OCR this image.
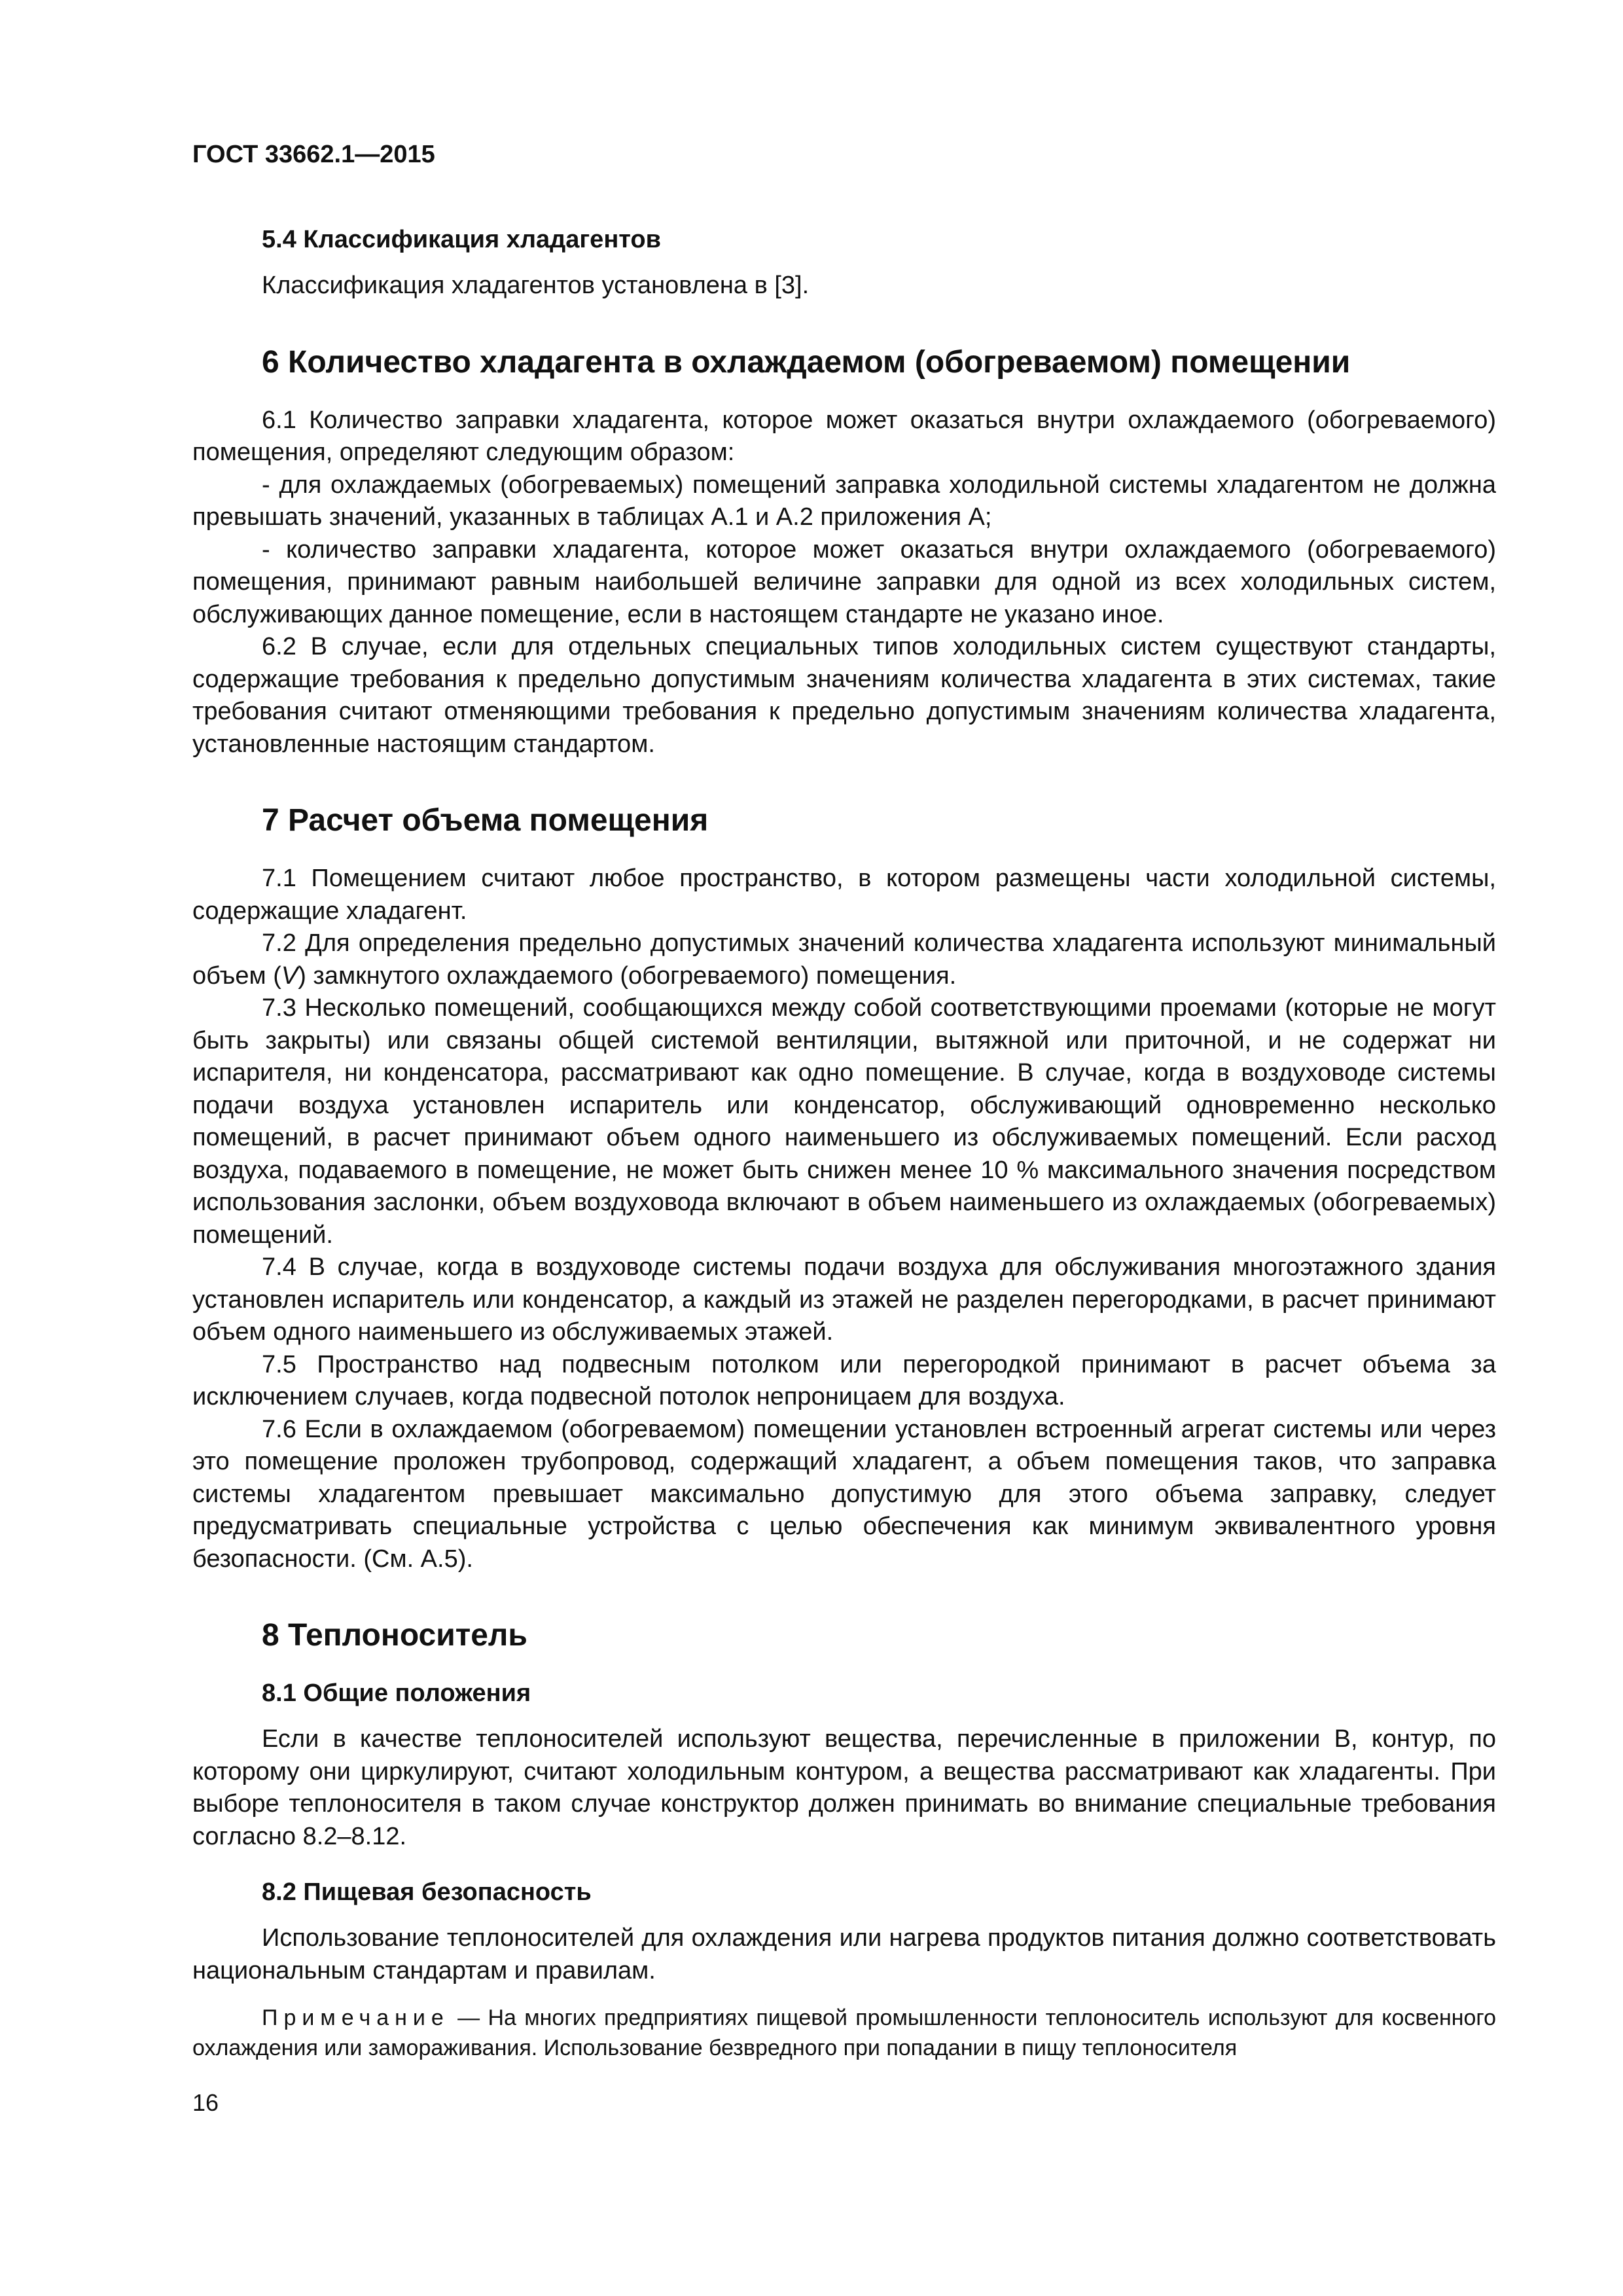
ГОСТ 33662.1—2015
5.4 Классификация хладагентов

Классификация хладагентов установлена в [3].

6 Количество хладагента в охлаждаемом (обогреваемом) помещении

6.1 Количество заправки хладагента, которое может оказаться внутри охлаждаемого (обогреваемого) помещения, определяют следующим образом:

- для охлаждаемых (обогреваемых) помещений заправка холодильной системы хладагентом не должна превышать значений, указанных в таблицах А.1 и А.2 приложения А;

- количество заправки хладагента, которое может оказаться внутри охлаждаемого (обогреваемого) помещения, принимают равным наибольшей величине заправки для одной из всех холодильных систем, обслуживающих данное помещение, если в настоящем стандарте не указано иное.

6.2 В случае, если для отдельных специальных типов холодильных систем существуют стандарты, содержащие требования к предельно допустимым значениям количества хладагента в этих системах, такие требования считают отменяющими требования к предельно допустимым значениям количества хладагента, установленные настоящим стандартом.

7 Расчет объема помещения

7.1 Помещением считают любое пространство, в котором размещены части холодильной системы, содержащие хладагент.

7.2 Для определения предельно допустимых значений количества хладагента используют минимальный объем (V) замкнутого охлаждаемого (обогреваемого) помещения.

7.3 Несколько помещений, сообщающихся между собой соответствующими проемами (которые не могут быть закрыты) или связаны общей системой вентиляции, вытяжной или приточной, и не содержат ни испарителя, ни конденсатора, рассматривают как одно помещение. В случае, когда в воздуховоде системы подачи воздуха установлен испаритель или конденсатор, обслуживающий одновременно несколько помещений, в расчет принимают объем одного наименьшего из обслуживаемых помещений. Если расход воздуха, подаваемого в помещение, не может быть снижен менее 10 % максимального значения посредством использования заслонки, объем воздуховода включают в объем наименьшего из охлаждаемых (обогреваемых) помещений.

7.4 В случае, когда в воздуховоде системы подачи воздуха для обслуживания многоэтажного здания установлен испаритель или конденсатор, а каждый из этажей не разделен перегородками, в расчет принимают объем одного наименьшего из обслуживаемых этажей.

7.5 Пространство над подвесным потолком или перегородкой принимают в расчет объема за исключением случаев, когда подвесной потолок непроницаем для воздуха.

7.6 Если в охлаждаемом (обогреваемом) помещении установлен встроенный агрегат системы или через это помещение проложен трубопровод, содержащий хладагент, а объем помещения таков, что заправка системы хладагентом превышает максимально допустимую для этого объема заправку, следует предусматривать специальные устройства с целью обеспечения как минимум эквивалентного уровня безопасности. (См. А.5).

8 Теплоноситель
8.1 Общие положения

Если в качестве теплоносителей используют вещества, перечисленные в приложении В, контур, по которому они циркулируют, считают холодильным контуром, а вещества рассматривают как хладагенты. При выборе теплоносителя в таком случае конструктор должен принимать во внимание специальные требования согласно 8.2–8.12.

8.2 Пищевая безопасность

Использование теплоносителей для охлаждения или нагрева продуктов питания должно соответствовать национальным стандартам и правилам.

Примечание — На многих предприятиях пищевой промышленности теплоноситель используют для косвенного охлаждения или замораживания. Использование безвредного при попадании в пищу теплоносителя

16
